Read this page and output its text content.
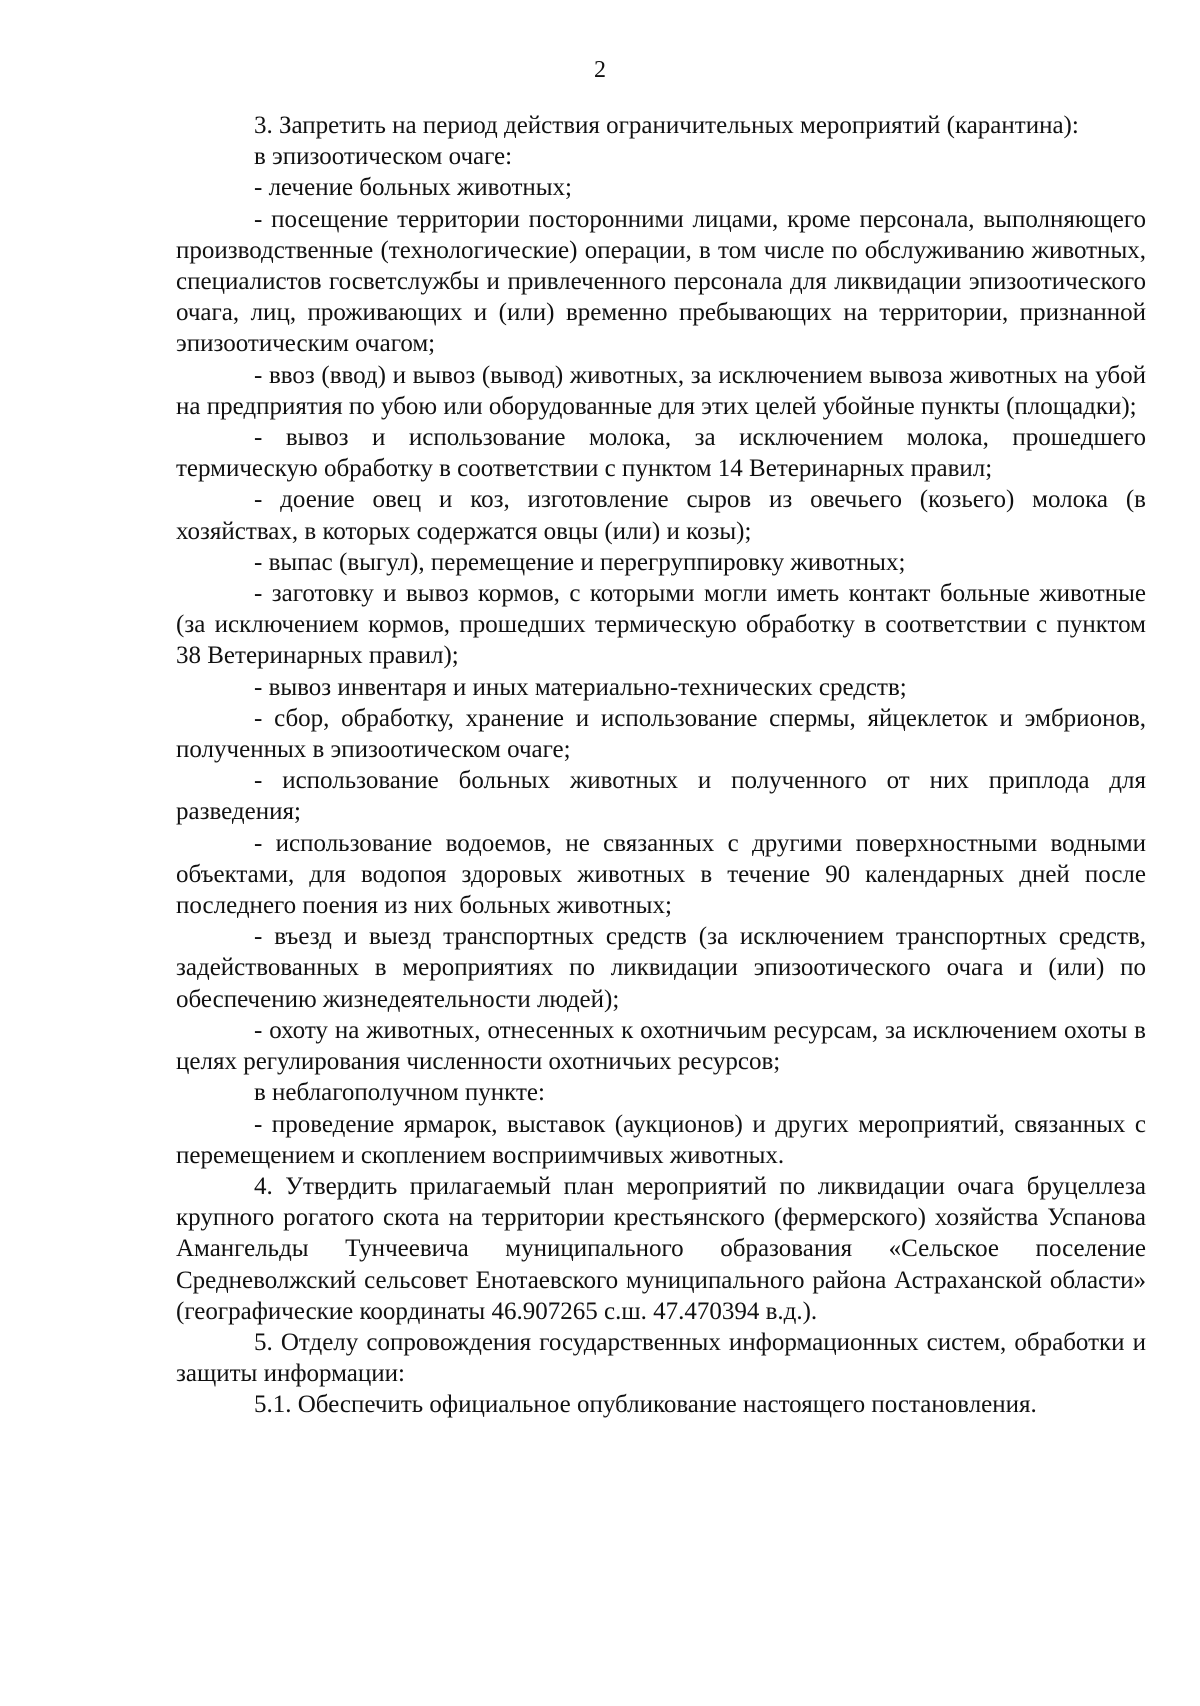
2

3. Запретить на период действия ограничительных мероприятий (карантина):

в эпизоотическом очаге:

- лечение больных животных;

- посещение территории посторонними лицами, кроме персонала, выполняющего производственные (технологические) операции, в том числе по обслуживанию животных, специалистов госветслужбы и привлеченного персонала для ликвидации эпизоотического очага, лиц, проживающих и (или) временно пребывающих на территории, признанной эпизоотическим очагом;

- ввоз (ввод) и вывоз (вывод) животных, за исключением вывоза животных на убой на предприятия по убою или оборудованные для этих целей убойные пункты (площадки);

- вывоз и использование молока, за исключением молока, прошедшего термическую обработку в соответствии с пунктом 14 Ветеринарных правил;

- доение овец и коз, изготовление сыров из овечьего (козьего) молока (в хозяйствах, в которых содержатся овцы (или) и козы);

- выпас (выгул), перемещение и перегруппировку животных;

- заготовку и вывоз кормов, с которыми могли иметь контакт больные животные (за исключением кормов, прошедших термическую обработку в соответствии с пунктом 38 Ветеринарных правил);

- вывоз инвентаря и иных материально-технических средств;

- сбор, обработку, хранение и использование спермы, яйцеклеток и эмбрионов, полученных в эпизоотическом очаге;

- использование больных животных и полученного от них приплода для разведения;

- использование водоемов, не связанных с другими поверхностными водными объектами, для водопоя здоровых животных в течение 90 календарных дней после последнего поения из них больных животных;

- въезд и выезд транспортных средств (за исключением транспортных средств, задействованных в мероприятиях по ликвидации эпизоотического очага и (или) по обеспечению жизнедеятельности людей);

- охоту на животных, отнесенных к охотничьим ресурсам, за исключением охоты в целях регулирования численности охотничьих ресурсов;

в неблагополучном пункте:

- проведение ярмарок, выставок (аукционов) и других мероприятий, связанных с перемещением и скоплением восприимчивых животных.

4. Утвердить прилагаемый план мероприятий по ликвидации очага бруцеллеза крупного рогатого скота на территории крестьянского (фермерского) хозяйства Успанова Амангельды Тунчеевича муниципального образования «Сельское поселение Средневолжский сельсовет Енотаевского муниципального района Астраханской области» (географические координаты 46.907265 с.ш. 47.470394 в.д.).

5. Отделу сопровождения государственных информационных систем, обработки и защиты информации:

5.1. Обеспечить официальное опубликование настоящего постановления.
